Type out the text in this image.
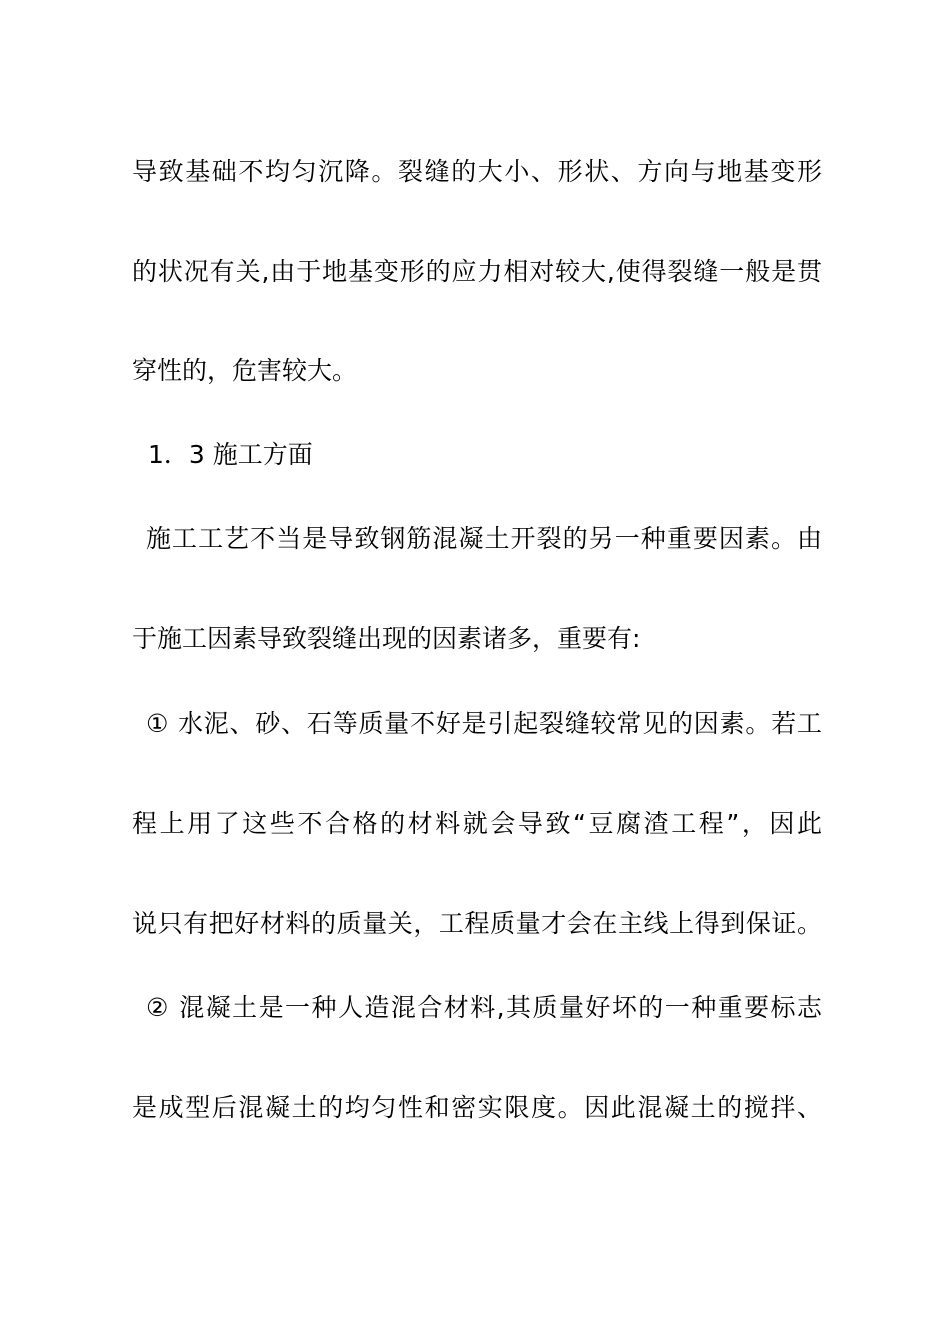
导致基础不均匀沉降。裂缝的大小、形状、方向与地基变形
的状况有关,由于地基变形的应力相对较大,使得裂缝一般是贯
穿性的，危害较大。
1．3 施工方面
施工工艺不当是导致钢筋混凝土开裂的另一种重要因素。由
于施工因素导致裂缝出现的因素诸多，重要有:
① 水泥、砂、石等质量不好是引起裂缝较常见的因素。若工
程上用了这些不合格的材料就会导致“豆腐渣工程”，因此
说只有把好材料的质量关，工程质量才会在主线上得到保证。
② 混凝土是一种人造混合材料,其质量好坏的一种重要标志
是成型后混凝土的均匀性和密实限度。因此混凝土的搅拌、
